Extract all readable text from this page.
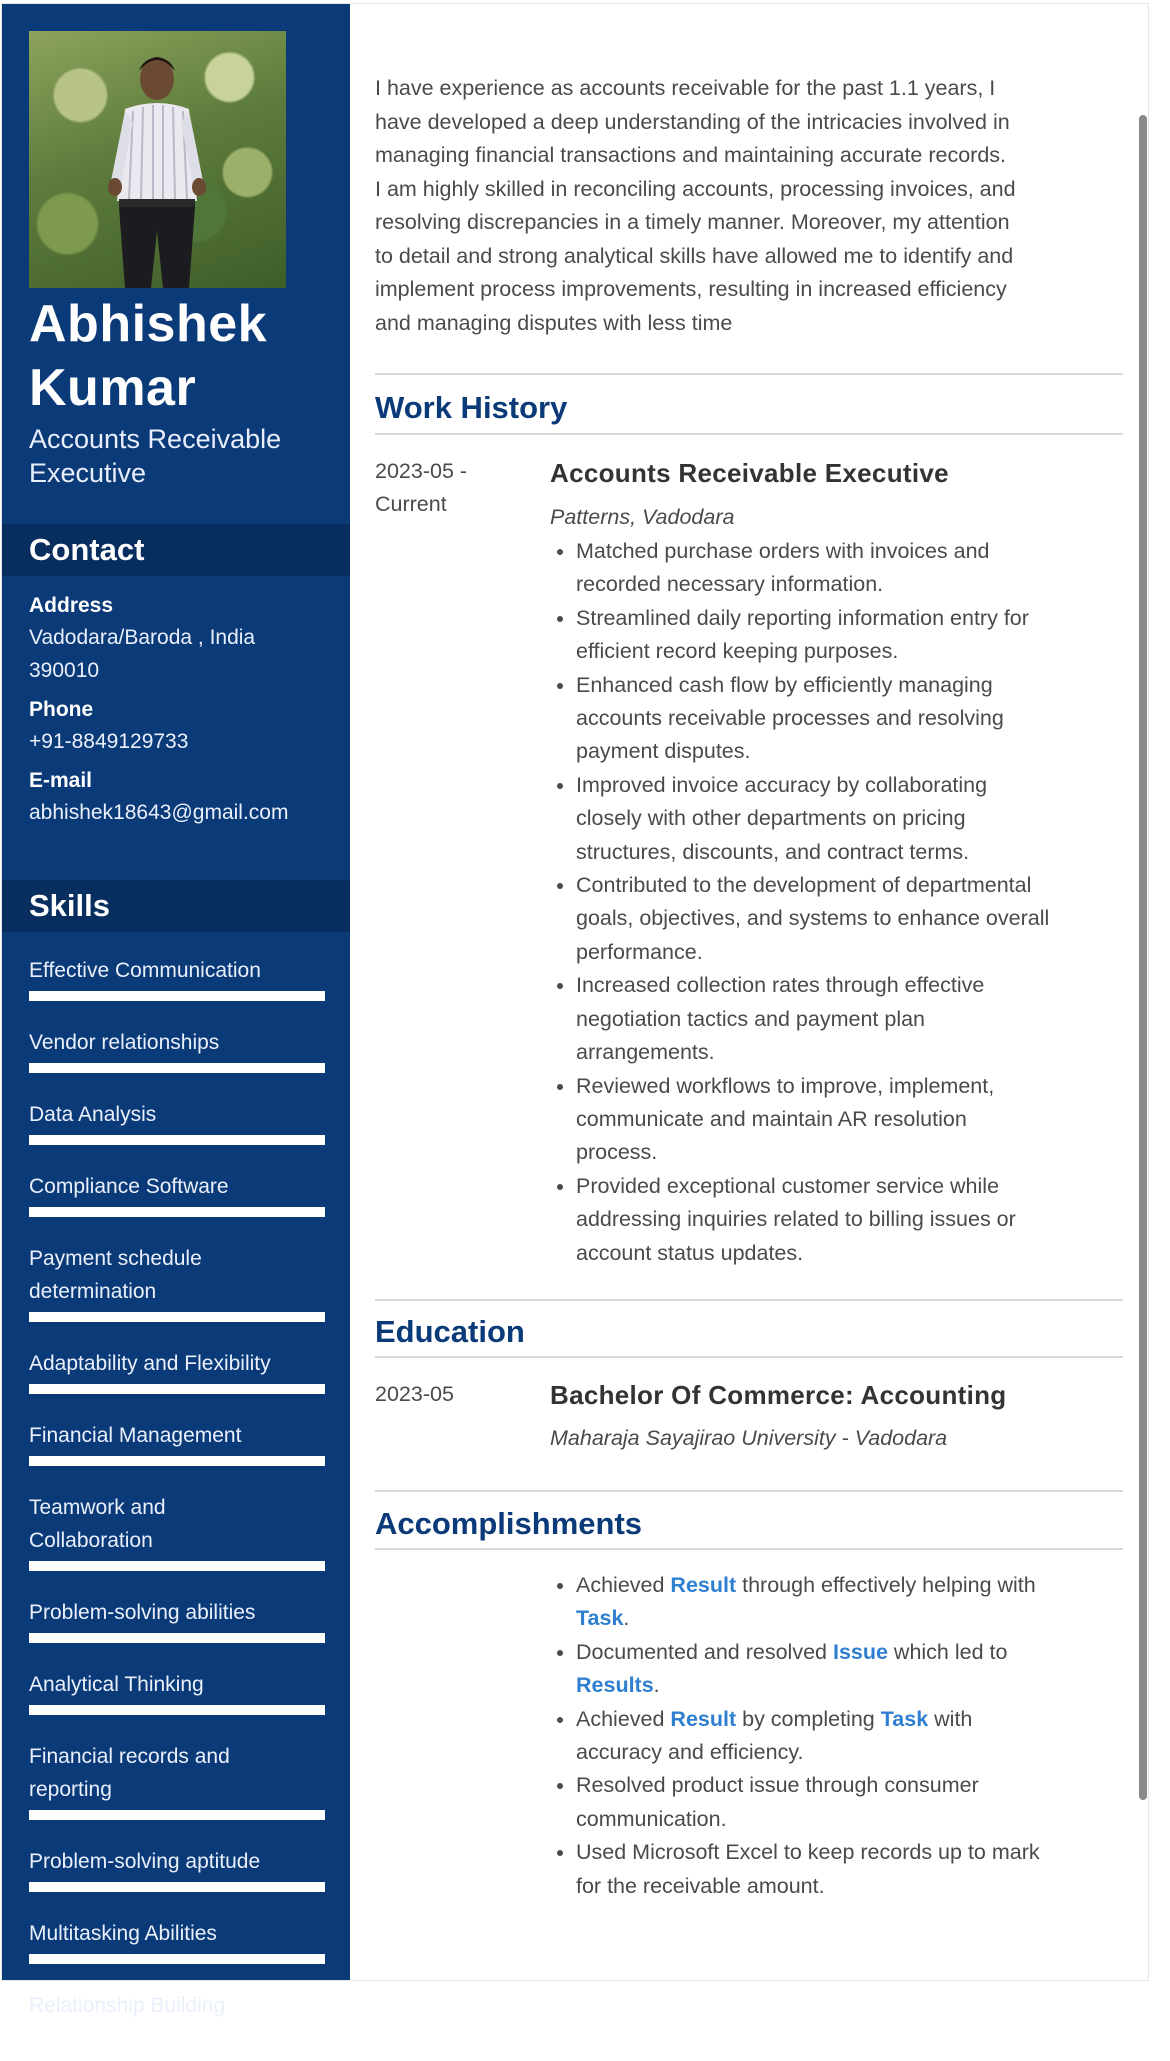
Abhishek
Kumar
Accounts Receivable
Executive
Contact
Address
Vadodara/Baroda , India
390010
Phone
+91-8849129733
E-mail
abhishek18643@gmail.com
Skills
Effective Communication
Vendor relationships
Data Analysis
Compliance Software
Payment schedule
determination
Adaptability and Flexibility
Financial Management
Teamwork and
Collaboration
Problem-solving abilities
Analytical Thinking
Financial records and
reporting
Problem-solving aptitude
Multitasking Abilities
Relationship Building
I have experience as accounts receivable for the past 1.1 years, I
have developed a deep understanding of the intricacies involved in
managing financial transactions and maintaining accurate records.
I am highly skilled in reconciling accounts, processing invoices, and
resolving discrepancies in a timely manner. Moreover, my attention
to detail and strong analytical skills have allowed me to identify and
implement process improvements, resulting in increased efficiency
and managing disputes with less time
Work History
2023-05 -
Current
Accounts Receivable Executive
Patterns, Vadodara
• Matched purchase orders with invoices and
recorded necessary information.
• Streamlined daily reporting information entry for
efficient record keeping purposes.
• Enhanced cash flow by efficiently managing
accounts receivable processes and resolving
payment disputes.
• Improved invoice accuracy by collaborating
closely with other departments on pricing
structures, discounts, and contract terms.
• Contributed to the development of departmental
goals, objectives, and systems to enhance overall
performance.
• Increased collection rates through effective
negotiation tactics and payment plan
arrangements.
• Reviewed workflows to improve, implement,
communicate and maintain AR resolution
process.
• Provided exceptional customer service while
addressing inquiries related to billing issues or
account status updates.
Education
2023-05	Bachelor Of Commerce: Accounting
Maharaja Sayajirao University - Vadodara
Accomplishments
• Achieved Result through effectively helping with
Task.
• Documented and resolved Issue which led to
Results.
• Achieved Result by completing Task with
accuracy and efficiency.
• Resolved product issue through consumer
communication.
• Used Microsoft Excel to keep records up to mark
for the receivable amount.
